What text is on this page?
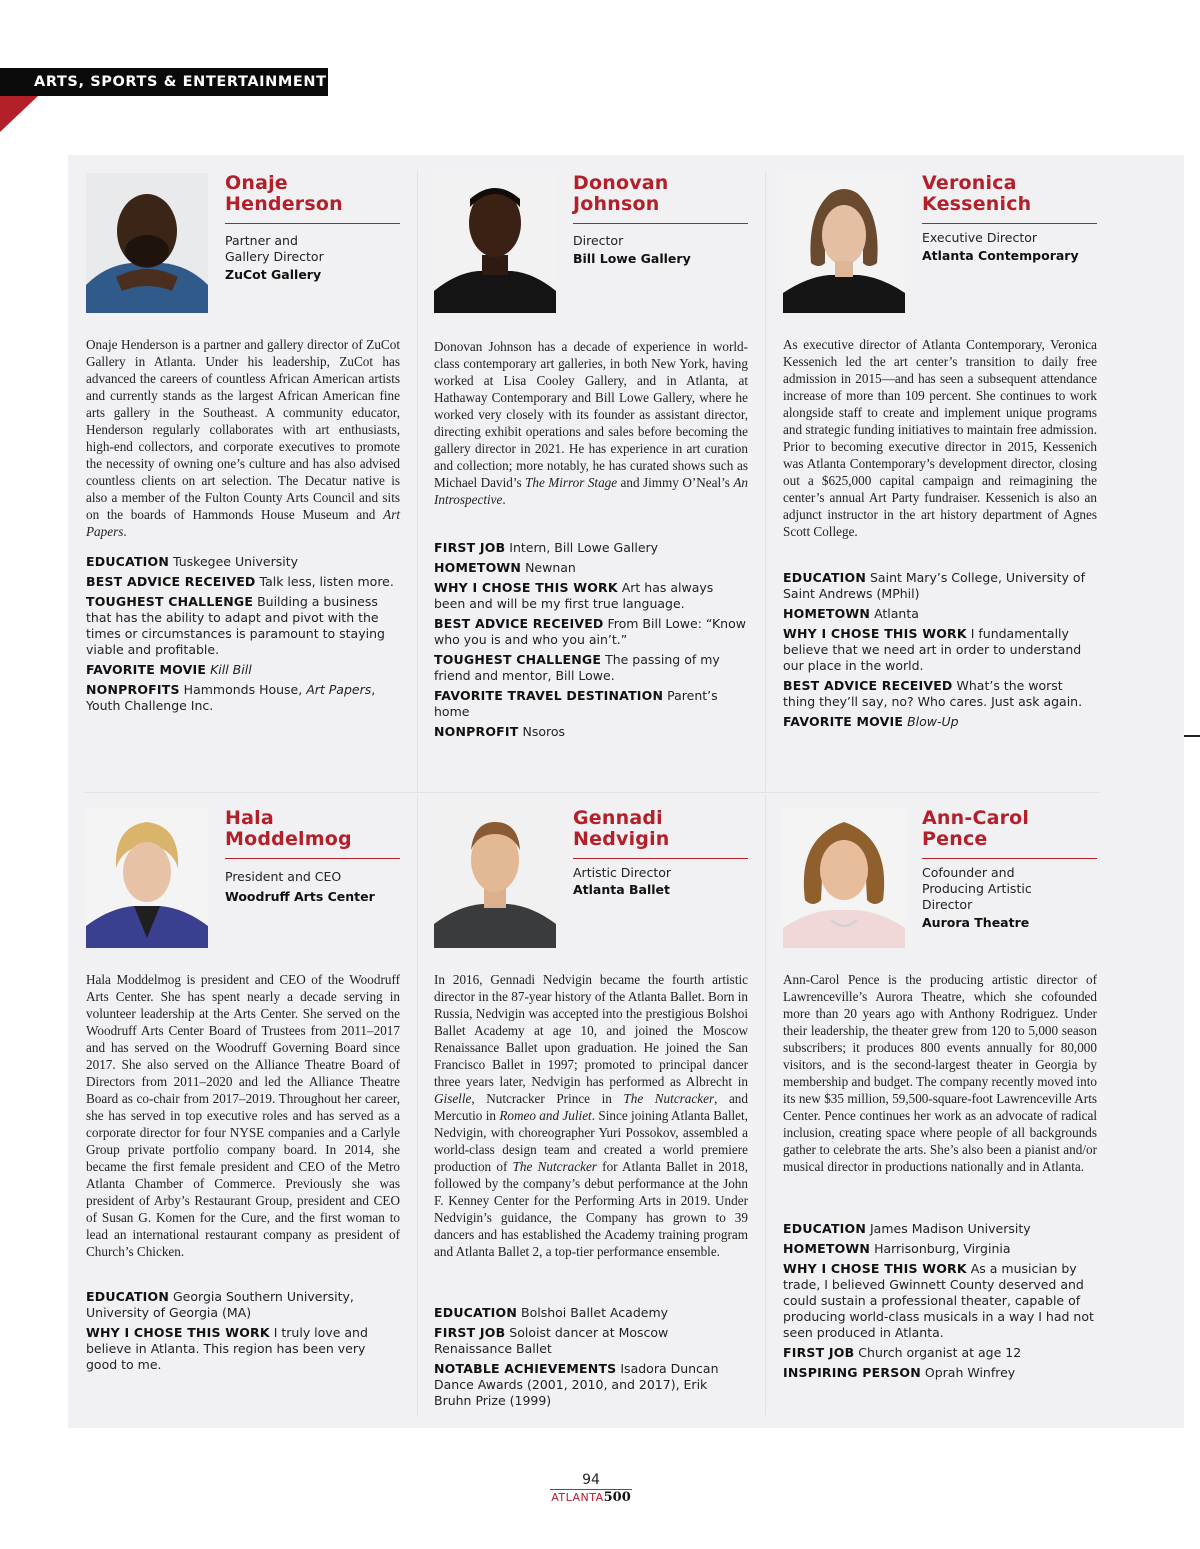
ARTS, SPORTS & ENTERTAINMENT
Onaje
Henderson
Partner and Gallery Director
ZuCot Gallery
Onaje Henderson is a partner and gallery director of ZuCot Gallery in Atlanta. Under his leadership, ZuCot has advanced the careers of countless African American artists and currently stands as the largest African American fine arts gallery in the Southeast. A community educator, Henderson regularly collaborates with art enthusiasts, high-end collectors, and corporate executives to promote the necessity of owning one’s culture and has also advised countless clients on art selection. The Decatur native is also a member of the Fulton County Arts Council and sits on the boards of Hammonds House Museum and Art Papers.
EDUCATION Tuskegee University
BEST ADVICE RECEIVED Talk less, listen more.
TOUGHEST CHALLENGE Building a business that has the ability to adapt and pivot with the times or circumstances is paramount to staying viable and profitable.
FAVORITE MOVIE Kill Bill
NONPROFITS Hammonds House, Art Papers, Youth Challenge Inc.
Donovan
Johnson
Director
Bill Lowe Gallery
Donovan Johnson has a decade of experience in world-class contemporary art galleries, in both New York, having worked at Lisa Cooley Gallery, and in Atlanta, at Hathaway Contemporary and Bill Lowe Gallery, where he worked very closely with its founder as assistant director, directing exhibit operations and sales before becoming the gallery director in 2021. He has experience in art curation and collection; more notably, he has curated shows such as Michael David’s The Mirror Stage and Jimmy O’Neal’s An Introspective.
FIRST JOB Intern, Bill Lowe Gallery
HOMETOWN Newnan
WHY I CHOSE THIS WORK Art has always been and will be my first true language.
BEST ADVICE RECEIVED From Bill Lowe: “Know who you is and who you ain’t.”
TOUGHEST CHALLENGE The passing of my friend and mentor, Bill Lowe.
FAVORITE TRAVEL DESTINATION Parent’s home
NONPROFIT Nsoros
Veronica
Kessenich
Executive Director
Atlanta Contemporary
As executive director of Atlanta Contemporary, Veronica Kessenich led the art center’s transition to daily free admission in 2015—and has seen a subsequent attendance increase of more than 109 percent. She continues to work alongside staff to create and implement unique programs and strategic funding initiatives to maintain free admission. Prior to becoming executive director in 2015, Kessenich was Atlanta Contemporary’s development director, closing out a $625,000 capital campaign and reimagining the center’s annual Art Party fundraiser. Kessenich is also an adjunct instructor in the art history department of Agnes Scott College.
EDUCATION Saint Mary’s College, University of Saint Andrews (MPhil)
HOMETOWN Atlanta
WHY I CHOSE THIS WORK I fundamentally believe that we need art in order to understand our place in the world.
BEST ADVICE RECEIVED What’s the worst thing they’ll say, no? Who cares. Just ask again.
FAVORITE MOVIE Blow-Up
Hala
Moddelmog
President and CEO
Woodruff Arts Center
Hala Moddelmog is president and CEO of the Woodruff Arts Center. She has spent nearly a decade serving in volunteer leadership at the Arts Center. She served on the Woodruff Arts Center Board of Trustees from 2011–2017 and has served on the Woodruff Governing Board since 2017. She also served on the Alliance Theatre Board of Directors from 2011–2020 and led the Alliance Theatre Board as co-chair from 2017–2019. Throughout her career, she has served in top executive roles and has served as a corporate director for four NYSE companies and a Carlyle Group private portfolio company board. In 2014, she became the first female president and CEO of the Metro Atlanta Chamber of Commerce. Previously she was president of Arby’s Restaurant Group, president and CEO of Susan G. Komen for the Cure, and the first woman to lead an international restaurant company as president of Church’s Chicken.
EDUCATION Georgia Southern University, University of Georgia (MA)
WHY I CHOSE THIS WORK I truly love and believe in Atlanta. This region has been very good to me.
Gennadi
Nedvigin
Artistic Director
Atlanta Ballet
In 2016, Gennadi Nedvigin became the fourth artistic director in the 87-year history of the Atlanta Ballet. Born in Russia, Nedvigin was accepted into the prestigious Bolshoi Ballet Academy at age 10, and joined the Moscow Renaissance Ballet upon graduation. He joined the San Francisco Ballet in 1997; promoted to principal dancer three years later, Nedvigin has performed as Albrecht in Giselle, Nutcracker Prince in The Nutcracker, and Mercutio in Romeo and Juliet. Since joining Atlanta Ballet, Nedvigin, with choreographer Yuri Possokov, assembled a world-class design team and created a world premiere production of The Nutcracker for Atlanta Ballet in 2018, followed by the company’s debut performance at the John F. Kenney Center for the Performing Arts in 2019. Under Nedvigin’s guidance, the Company has grown to 39 dancers and has established the Academy training program and Atlanta Ballet 2, a top-tier performance ensemble.
EDUCATION Bolshoi Ballet Academy
FIRST JOB Soloist dancer at Moscow Renaissance Ballet
NOTABLE ACHIEVEMENTS Isadora Duncan Dance Awards (2001, 2010, and 2017), Erik Bruhn Prize (1999)
Ann-Carol
Pence
Cofounder and Producing Artistic Director
Aurora Theatre
Ann-Carol Pence is the producing artistic director of Lawrenceville’s Aurora Theatre, which she cofounded more than 20 years ago with Anthony Rodriguez. Under their leadership, the theater grew from 120 to 5,000 season subscribers; it produces 800 events annually for 80,000 visitors, and is the second-largest theater in Georgia by membership and budget. The company recently moved into its new $35 million, 59,500-square-foot Lawrenceville Arts Center. Pence continues her work as an advocate of radical inclusion, creating space where people of all backgrounds gather to celebrate the arts. She’s also been a pianist and/or musical director in productions nationally and in Atlanta.
EDUCATION James Madison University
HOMETOWN Harrisonburg, Virginia
WHY I CHOSE THIS WORK As a musician by trade, I believed Gwinnett County deserved and could sustain a professional theater, capable of producing world-class musicals in a way I had not seen produced in Atlanta.
FIRST JOB Church organist at age 12
INSPIRING PERSON Oprah Winfrey
94
ATLANTA500
